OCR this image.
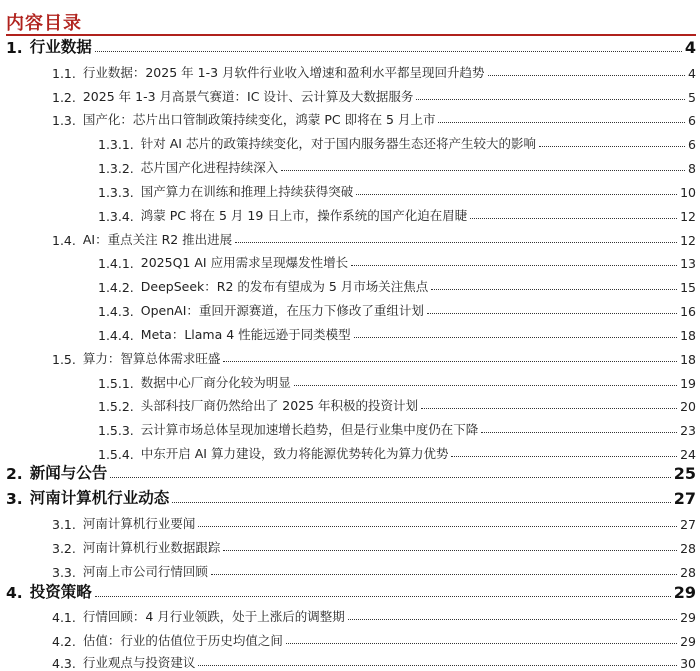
内容目录
1. 行业数据	4
1.1. 行业数据：2025 年 1-3 月软件行业收入增速和盈利水平都呈现回升趋势	4
1.2. 2025 年 1-3 月高景气赛道：IC 设计、云计算及大数据服务	5
1.3. 国产化：芯片出口管制政策持续变化，鸿蒙 PC 即将在 5 月上市	6
1.3.1. 针对 AI 芯片的政策持续变化，对于国内服务器生态还将产生较大的影响	6
1.3.2. 芯片国产化进程持续深入	8
1.3.3. 国产算力在训练和推理上持续获得突破	10
1.3.4. 鸿蒙 PC 将在 5 月 19 日上市，操作系统的国产化迫在眉睫	12
1.4. AI：重点关注 R2 推出进展	12
1.4.1. 2025Q1 AI 应用需求呈现爆发性增长	13
1.4.2. DeepSeek：R2 的发布有望成为 5 月市场关注焦点	15
1.4.3. OpenAI：重回开源赛道，在压力下修改了重组计划	16
1.4.4. Meta：Llama 4 性能远逊于同类模型	18
1.5. 算力：智算总体需求旺盛	18
1.5.1. 数据中心厂商分化较为明显	19
1.5.2. 头部科技厂商仍然给出了 2025 年积极的投资计划	20
1.5.3. 云计算市场总体呈现加速增长趋势，但是行业集中度仍在下降	23
1.5.4. 中东开启 AI 算力建设，致力将能源优势转化为算力优势	24
2. 新闻与公告	25
3. 河南计算机行业动态	27
3.1. 河南计算机行业要闻	27
3.2. 河南计算机行业数据跟踪	28
3.3. 河南上市公司行情回顾	28
4. 投资策略	29
4.1. 行情回顾：4 月行业领跌，处于上涨后的调整期	29
4.2. 估值：行业的估值位于历史均值之间	29
4.3. 行业观点与投资建议	30
